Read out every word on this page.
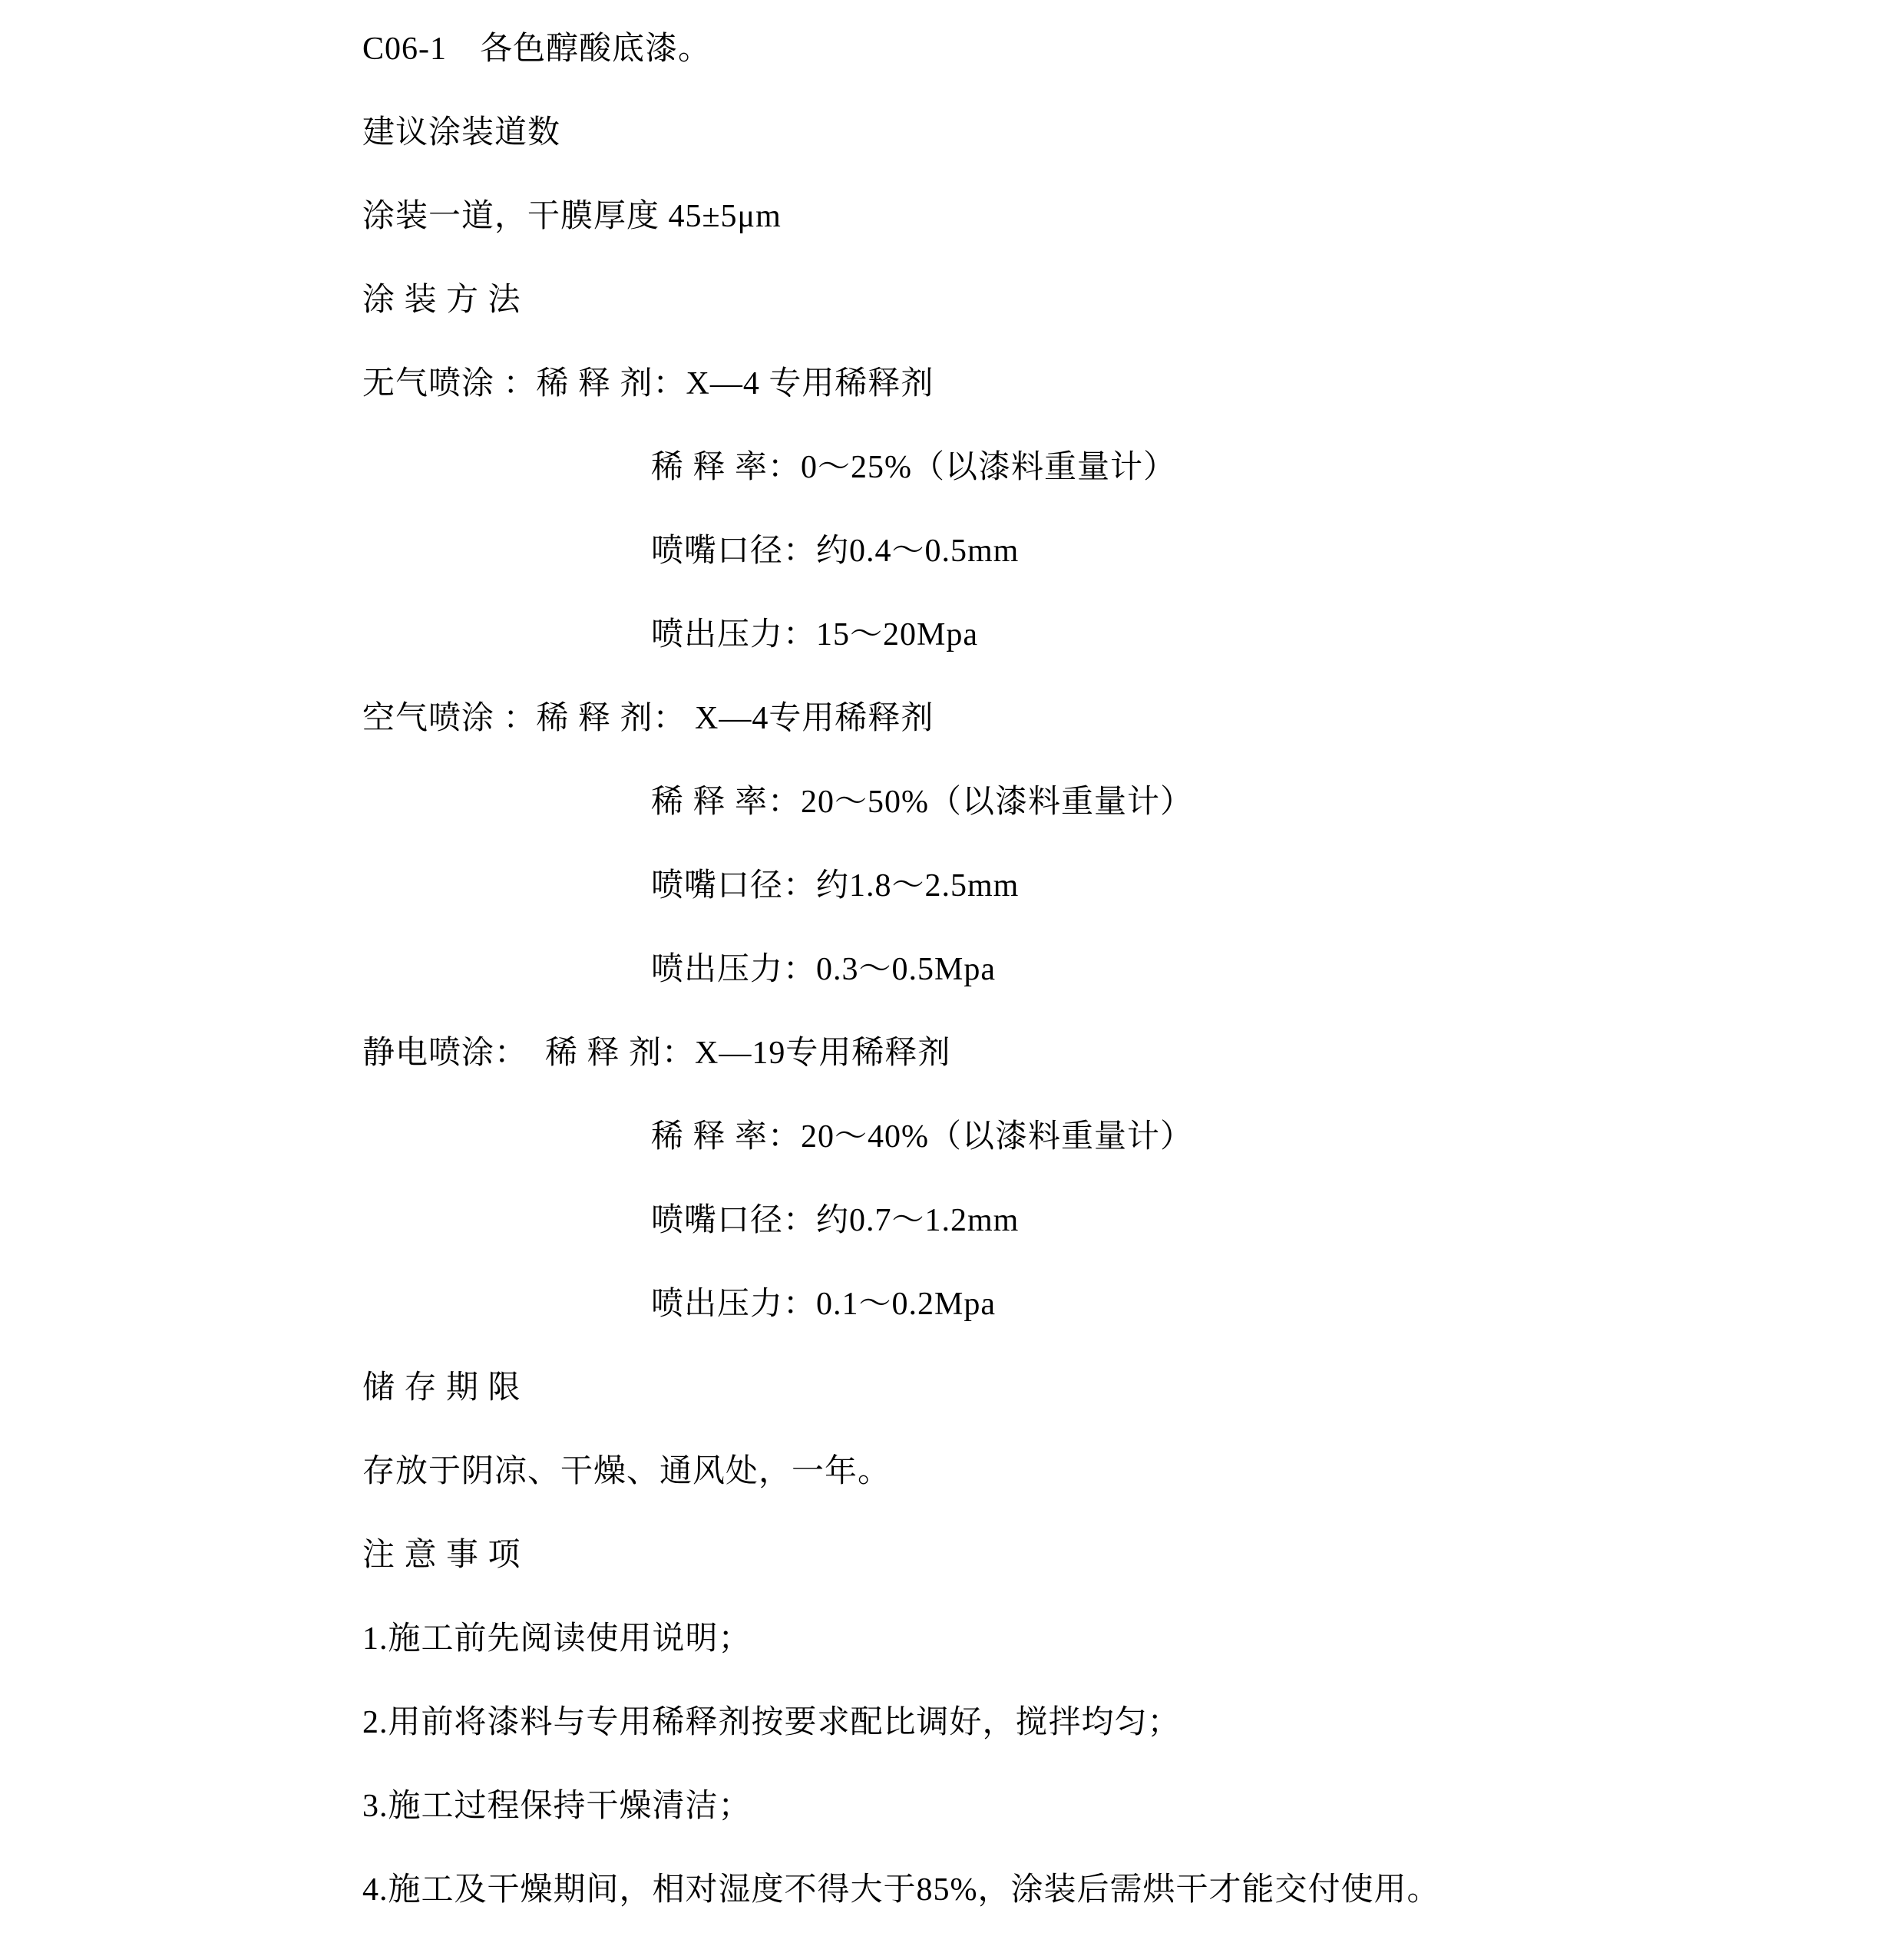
C06-1　各色醇酸底漆。

建议涂装道数

涂装一道，干膜厚度 45±5μm

涂 装 方 法

无气喷涂 ：稀 释 剂：X—4 专用稀释剂

稀 释 率：0～25%（以漆料重量计）

喷嘴口径：约0.4～0.5mm

喷出压力：15～20Mpa

空气喷涂 ：稀 释 剂： X—4专用稀释剂

稀 释 率：20～50%（以漆料重量计）

喷嘴口径：约1.8～2.5mm

喷出压力：0.3～0.5Mpa

静电喷涂：  稀 释 剂：X—19专用稀释剂

稀 释 率：20～40%（以漆料重量计）

喷嘴口径：约0.7～1.2mm

喷出压力：0.1～0.2Mpa

储 存 期 限

存放于阴凉、干燥、通风处，一年。

注 意 事 项

1.施工前先阅读使用说明；

2.用前将漆料与专用稀释剂按要求配比调好，搅拌均匀；

3.施工过程保持干燥清洁；

4.施工及干燥期间，相对湿度不得大于85%，涂装后需烘干才能交付使用。
